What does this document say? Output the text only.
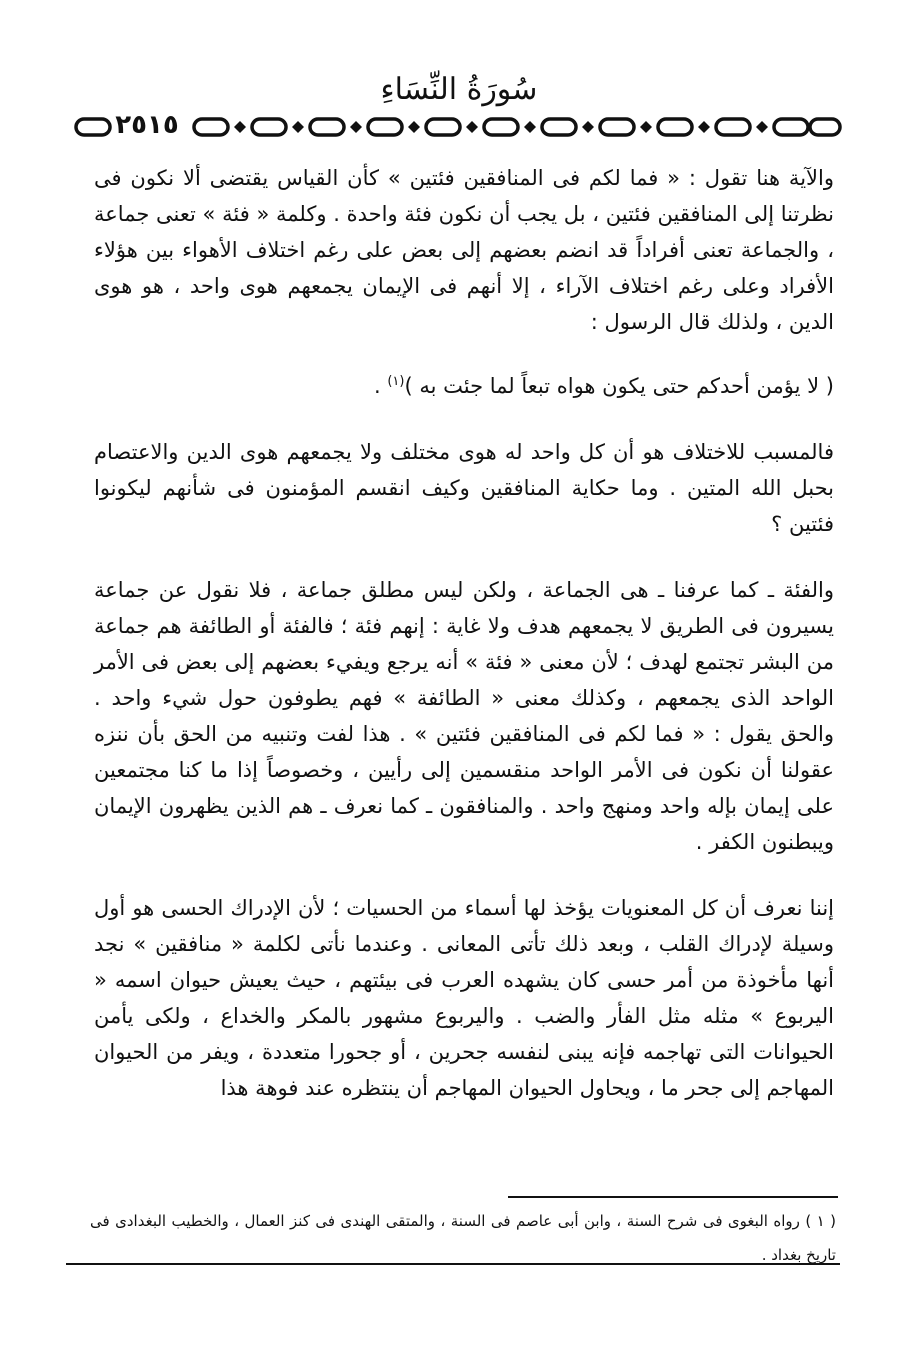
سُورَةُ النِّسَاءِ
٢٥١٥

والآية هنا تقول : « فما لكم فى المنافقين فئتين » كأن القياس يقتضى ألا نكون فى نظرتنا إلى المنافقين فئتين ، بل يجب أن نكون فئة واحدة . وكلمة « فئة » تعنى جماعة ، والجماعة تعنى أفراداً قد انضم بعضهم إلى بعض على رغم اختلاف الأهواء بين هؤلاء الأفراد وعلى رغم اختلاف الآراء ، إلا أنهم فى الإيمان يجمعهم هوى واحد ، هو هوى الدين ، ولذلك قال الرسول :

( لا يؤمن أحدكم حتى يكون هواه تبعاً لما جئت به )$^{(١)}$ .

فالمسبب للاختلاف هو أن كل واحد له هوى مختلف ولا يجمعهم هوى الدين والاعتصام بحبل الله المتين . وما حكاية المنافقين وكيف انقسم المؤمنون فى شأنهم ليكونوا فئتين ؟

والفئة ـ كما عرفنا ـ هى الجماعة ، ولكن ليس مطلق جماعة ، فلا نقول عن جماعة يسيرون فى الطريق لا يجمعهم هدف ولا غاية : إنهم فئة ؛ فالفئة أو الطائفة هم جماعة من البشر تجتمع لهدف ؛ لأن معنى « فئة » أنه يرجع ويفيء بعضهم إلى بعض فى الأمر الواحد الذى يجمعهم ، وكذلك معنى « الطائفة » فهم يطوفون حول شيء واحد . والحق يقول : « فما لكم فى المنافقين فئتين » . هذا لفت وتنبيه من الحق بأن ننزه عقولنا أن نكون فى الأمر الواحد منقسمين إلى رأيين ، وخصوصاً إذا ما كنا مجتمعين على إيمان بإله واحد ومنهج واحد . والمنافقون ـ كما نعرف ـ هم الذين يظهرون الإيمان ويبطنون الكفر .

إننا نعرف أن كل المعنويات يؤخذ لها أسماء من الحسيات ؛ لأن الإدراك الحسى هو أول وسيلة لإدراك القلب ، وبعد ذلك تأتى المعانى . وعندما نأتى لكلمة « منافقين » نجد أنها مأخوذة من أمر حسى كان يشهده العرب فى بيئتهم ، حيث يعيش حيوان اسمه « اليربوع » مثله مثل الفأر والضب . واليربوع مشهور بالمكر والخداع ، ولكى يأمن الحيوانات التى تهاجمه فإنه يبنى لنفسه جحرين ، أو جحورا متعددة ، ويفر من الحيوان المهاجم إلى جحر ما ، ويحاول الحيوان المهاجم أن ينتظره عند فوهة هذا

( ١ ) رواه البغوى فى شرح السنة ، وابن أبى عاصم فى السنة ، والمتقى الهندى فى كنز العمال ، والخطيب البغدادى فى تاريخ بغداد .
